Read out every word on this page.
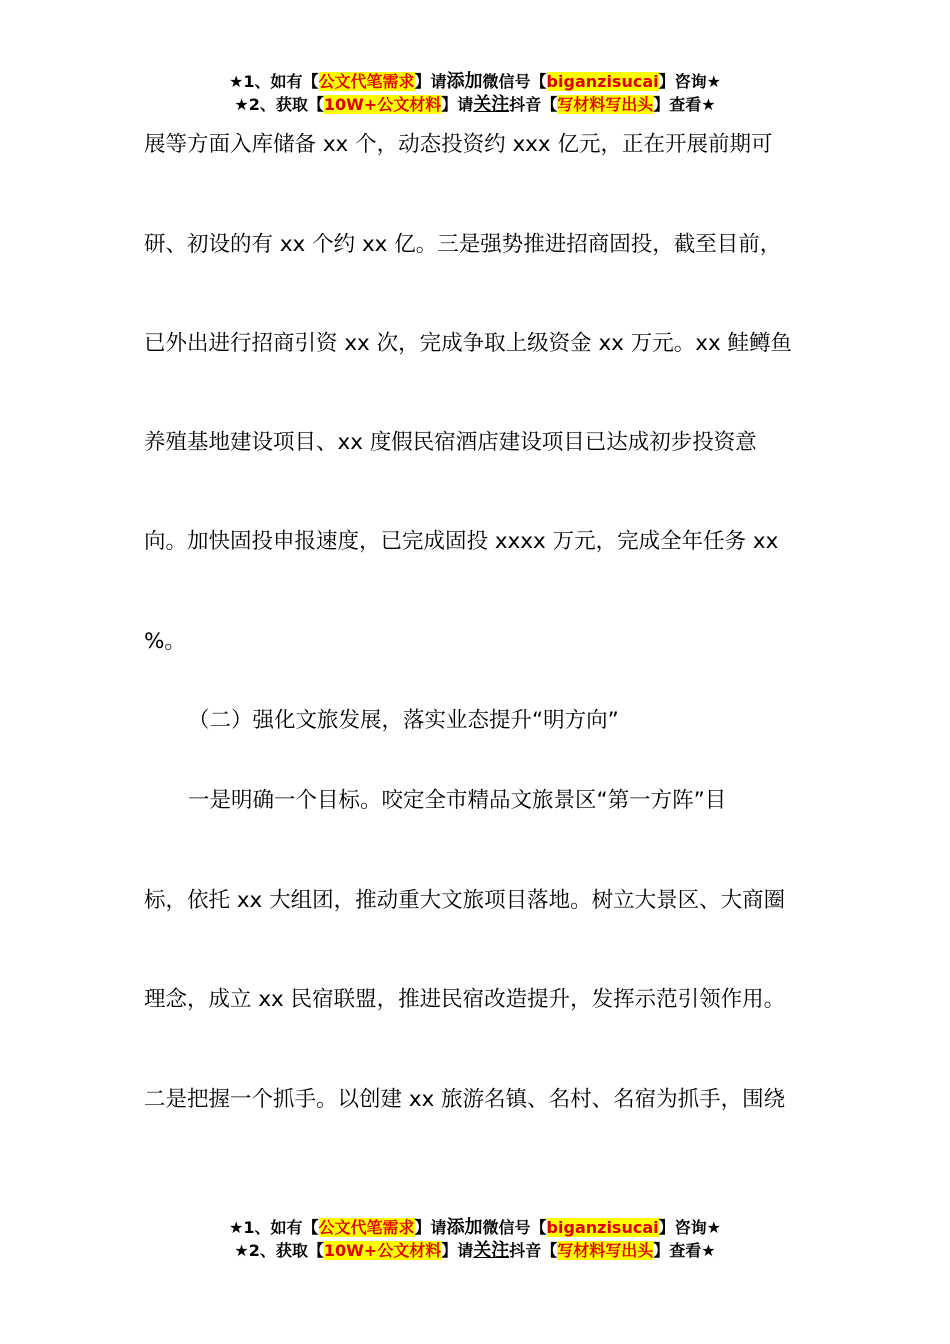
★1、如有【公文代笔需求】请添加微信号【biganzisucai】咨询★
★2、获取【10W+公文材料】请关注抖音【写材料写出头】查看★
展等方面入库储备 xx 个，动态投资约 xxx 亿元，正在开展前期可
研、初设的有 xx 个约 xx 亿。三是强势推进招商固投，截至目前，
已外出进行招商引资 xx 次，完成争取上级资金 xx 万元。xx 鲑鳟鱼
养殖基地建设项目、xx 度假民宿酒店建设项目已达成初步投资意
向。加快固投申报速度，已完成固投 xxxx 万元，完成全年任务 xx
%。
（二）强化文旅发展，落实业态提升“明方向”
一是明确一个目标。咬定全市精品文旅景区“第一方阵”目
标，依托 xx 大组团，推动重大文旅项目落地。树立大景区、大商圈
理念，成立 xx 民宿联盟，推进民宿改造提升，发挥示范引领作用。
二是把握一个抓手。以创建 xx 旅游名镇、名村、名宿为抓手，围绕
★1、如有【公文代笔需求】请添加微信号【biganzisucai】咨询★
★2、获取【10W+公文材料】请关注抖音【写材料写出头】查看★
